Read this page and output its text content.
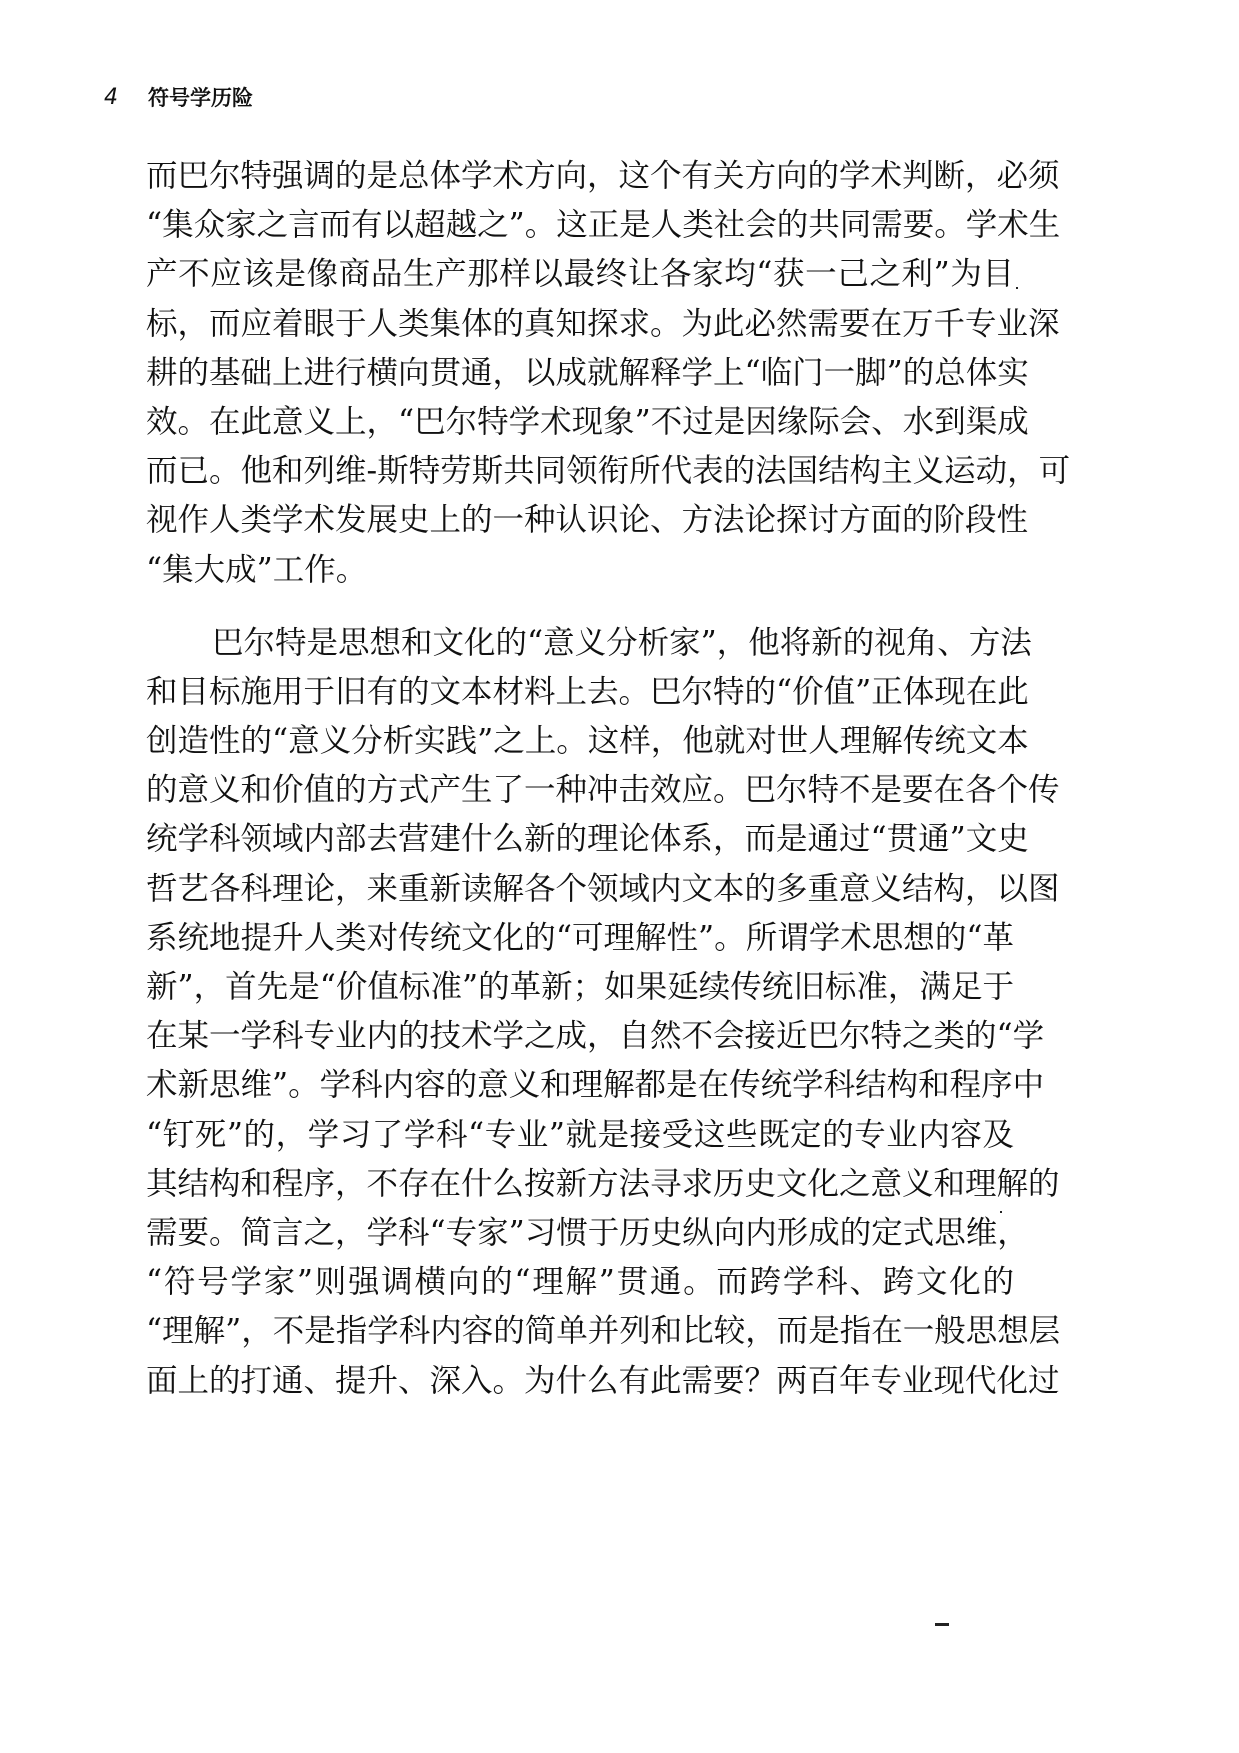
4	符号学历险
而巴尔特强调的是总体学术方向，这个有关方向的学术判断，必须
“集众家之言而有以超越之”。这正是人类社会的共同需要。学术生
产不应该是像商品生产那样以最终让各家均“获一己之利”为目
标，而应着眼于人类集体的真知探求。为此必然需要在万千专业深
耕的基础上进行横向贯通，以成就解释学上“临门一脚”的总体实
效。在此意义上，“巴尔特学术现象”不过是因缘际会、水到渠成
而已。他和列维-斯特劳斯共同领衔所代表的法国结构主义运动，可
视作人类学术发展史上的一种认识论、方法论探讨方面的阶段性
“集大成”工作。
巴尔特是思想和文化的“意义分析家”，他将新的视角、方法
和目标施用于旧有的文本材料上去。巴尔特的“价值”正体现在此
创造性的“意义分析实践”之上。这样，他就对世人理解传统文本
的意义和价值的方式产生了一种冲击效应。巴尔特不是要在各个传
统学科领域内部去营建什么新的理论体系，而是通过“贯通”文史
哲艺各科理论，来重新读解各个领域内文本的多重意义结构，以图
系统地提升人类对传统文化的“可理解性”。所谓学术思想的“革
新”，首先是“价值标准”的革新；如果延续传统旧标准，满足于
在某一学科专业内的技术学之成，自然不会接近巴尔特之类的“学
术新思维”。学科内容的意义和理解都是在传统学科结构和程序中
“钉死”的，学习了学科“专业”就是接受这些既定的专业内容及
其结构和程序，不存在什么按新方法寻求历史文化之意义和理解的
需要。简言之，学科“专家”习惯于历史纵向内形成的定式思维，
“符号学家”则强调横向的“理解”贯通。而跨学科、跨文化的
“理解”，不是指学科内容的简单并列和比较，而是指在一般思想层
面上的打通、提升、深入。为什么有此需要？两百年专业现代化过
